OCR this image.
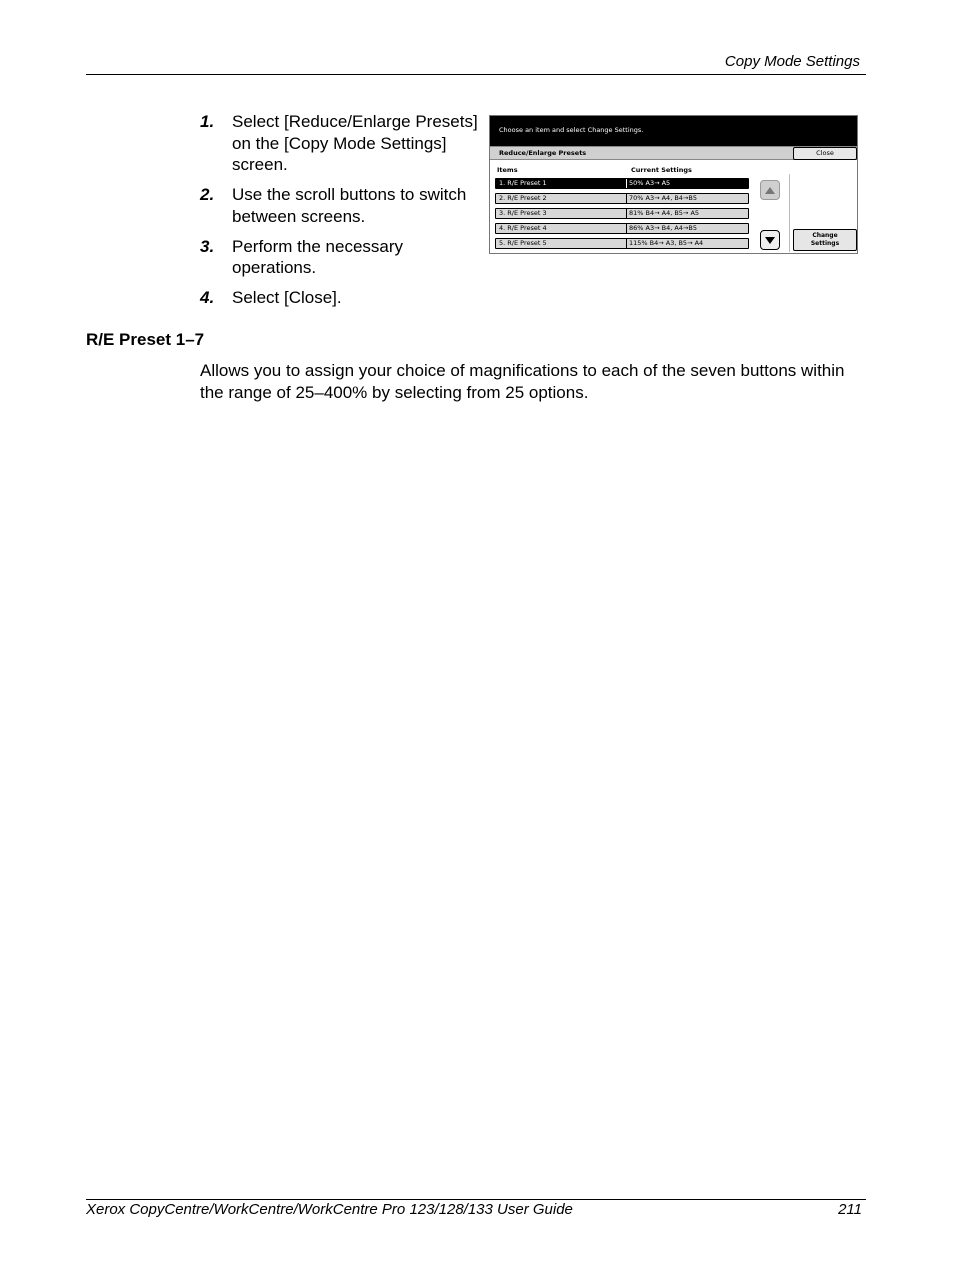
Copy Mode Settings
1. Select [Reduce/Enlarge Presets] on the [Copy Mode Settings] screen.
2. Use the scroll buttons to switch between screens.
3. Perform the necessary operations.
4. Select [Close].
Choose an item and select Change Settings.
Reduce/Enlarge Presets	Close
Items	Current Settings
1. R/E Preset 1	50% A3→ A5
2. R/E Preset 2	70% A3→ A4, B4→B5
3. R/E Preset 3	81% B4→ A4, B5→ A5
4. R/E Preset 4	86% A3→ B4, A4→B5
5. R/E Preset 5	115% B4→ A3, B5→ A4
Change
Settings
R/E Preset 1–7
Allows you to assign your choice of magnifications to each of the seven buttons within the range of 25–400% by selecting from 25 options.
Xerox CopyCentre/WorkCentre/WorkCentre Pro 123/128/133 User Guide	211
